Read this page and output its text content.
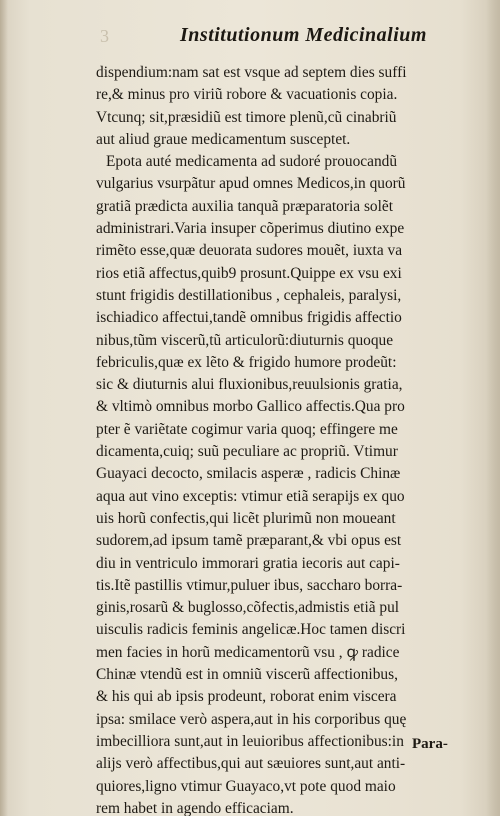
3	Institutionum Medicinalium
dispendium:nam sat est vsque ad septem dies suffi
re,& minus pro viriũ robore & vacuationis copia.
Vtcunq; sit,præsidiũ est timore plenũ,cũ cinabriũ
aut aliud graue medicamentum susceptet.
Epota auté medicamenta ad sudoré prouocandũ
vulgarius vsurpãtur apud omnes Medicos,in quorũ
gratiã prædicta auxilia tanquã præparatoria solẽt
administrari.Varia insuper cõperimus diutino expe
rimẽto esse,quæ deuorata sudores mouẽt, iuxta va
rios etiã affectus,quib9 prosunt.Quippe ex vsu exi
stunt frigidis destillationibus , cephaleis, paralysi,
ischiadico affectui,tandẽ omnibus frigidis affectio
nibus,tũm viscerũ,tũ articulorũ:diuturnis quoque
febriculis,quæ ex lẽto & frigido humore prodeũt:
sic & diuturnis alui fluxionibus,reuulsionis gratia,
& vltimò omnibus morbo Gallico affectis.Qua pro
pter ẽ variẽtate cogimur varia quoq; effingere me
dicamenta,cuiq; suũ peculiare ac propriũ. Vtimur
Guayaci decocto, smilacis asperæ , radicis Chinæ
aqua aut vino exceptis: vtimur etiã serapijs ex quo
uis horũ confectis,qui licẽt plurimũ non moueant
sudorem,ad ipsum tamẽ præparant,& vbi opus est
diu in ventriculo immorari gratia iecoris aut capi-
tis.Itẽ pastillis vtimur,puluer ibus, saccharo borra-
ginis,rosarũ & buglosso,cõfectis,admistis etiã pul
uisculis radicis feminis angelicæ.Hoc tamen discri
men facies in horũ medicamentorũ vsu , ꝙ radice
Chinæ vtendũ est in omniũ viscerũ affectionibus,
& his qui ab ipsis prodeunt, roborat enim viscera
ipsa: smilace verò aspera,aut in his corporibus quę
imbecilliora sunt,aut in leuioribus affectionibus:in
alijs verò affectibus,qui aut sæuiores sunt,aut anti-
quiores,ligno vtimur Guayaco,vt pote quod maio
rem habet in agendo efficaciam.
Para-
